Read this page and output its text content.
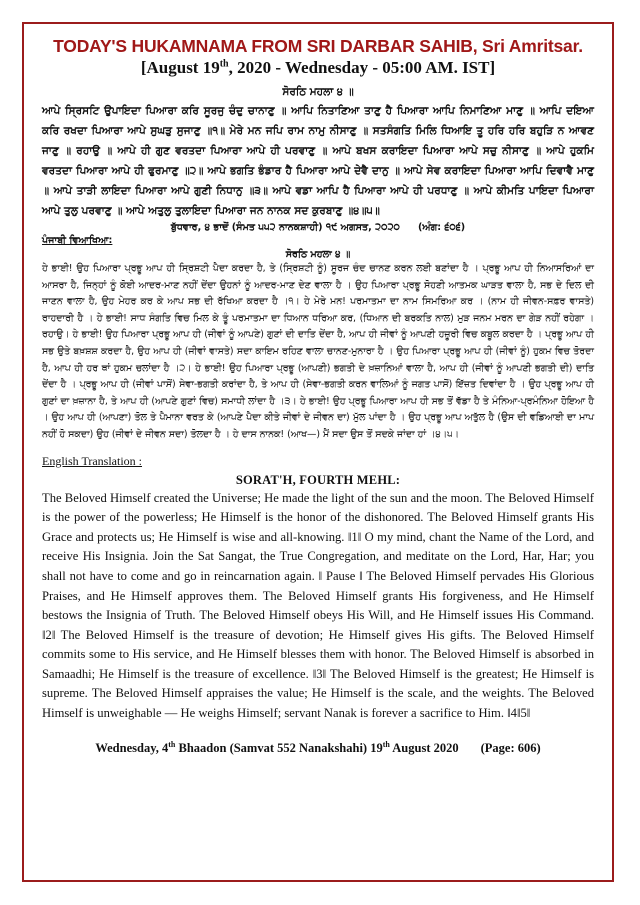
TODAY'S HUKAMNAMA FROM SRI DARBAR SAHIB, Sri Amritsar.
[August 19th, 2020 - Wednesday - 05:00 AM. IST]
ਸੋਰਠਿ ਮਹਲਾ ੪ ॥

ਆਪੇ ਸ੍ਰਿਸਟਿ ਉਪਾਇਦਾ ਪਿਆਰਾ ਕਰਿ ਸੂਰਜੁ ਚੰਦੁ ਚਾਨਾਣੁ ॥ ਆਪਿ ਨਿਤਾਣਿਆ ਤਾਣੁ ਹੈ ਪਿਆਰਾ ਆਪਿ ਨਿਮਾਣਿਆ ਮਾਣੁ ॥ ਆਪਿ ਦਇਆ ਕਰਿ ਰਖਦਾ ਪਿਆਰਾ ਆਪੇ ਸੁਘੜੁ ਸੁਜਾਣੁ ॥੧॥ ਮੇਰੇ ਮਨ ਜਪਿ ਰਾਮ ਨਾਮੁ ਨੀਸਾਣੁ ॥ ਸਤਸੰਗਤਿ ਮਿਲਿ ਧਿਆਇ ਤੂ ਹਰਿ ਹਰਿ ਬਹੁੜਿ ਨ ਆਵਣ ਜਾਣੁ ॥ ਰਹਾਉ ॥ ਆਪੇ ਹੀ ਗੁਣ ਵਰਤਦਾ ਪਿਆਰਾ ਆਪੇ ਹੀ ਪਰਵਾਣੁ ॥ ਆਪੇ ਬਖਸ ਕਰਾਇਦਾ ਪਿਆਰਾ ਆਪੇ ਸਚੁ ਨੀਸਾਣੁ ॥ ਆਪੇ ਹੁਕਮਿ ਵਰਤਦਾ ਪਿਆਰਾ ਆਪੇ ਹੀ ਫੁਰਮਾਣੁ ॥੨॥ ਆਪੇ ਭਗਤਿ ਭੰਡਾਰ ਹੈ ਪਿਆਰਾ ਆਪੇ ਦੇਵੈ ਦਾਨੁ ॥ ਆਪੇ ਸੇਵ ਕਰਾਇਦਾ ਪਿਆਰਾ ਆਪਿ ਦਿਵਾਵੈ ਮਾਣੁ ॥ ਆਪੇ ਤਾੜੀ ਲਾਇਦਾ ਪਿਆਰਾ ਆਪੇ ਗੁਣੀ ਨਿਧਾਨੁ ॥੩॥ ਆਪੇ ਵਡਾ ਆਪਿ ਹੈ ਪਿਆਰਾ ਆਪੇ ਹੀ ਪਰਧਾਣੁ ॥ ਆਪੇ ਕੀਮਤਿ ਪਾਇਦਾ ਪਿਆਰਾ ਆਪੇ ਤੁਲੁ ਪਰਵਾਣੁ ॥ ਆਪੇ ਅਤੁਲੁ ਤੁਲਾਇਦਾ ਪਿਆਰਾ ਜਨ ਨਾਨਕ ਸਦ ਕੁਰਬਾਣੁ ॥੪॥੫॥

ਬੁੱਧਵਾਰ, ੪ ਭਾਦੋਂ (ਸੰਮਤ ੫੫੨ ਨਾਨਕਸ਼ਾਹੀ) ੧੯ ਅਗਸਤ, ੨੦੨੦ (ਅੰਗ: ੬੦੬)
ਪੰਜਾਬੀ ਵਿਆਖਿਆ:
ਸੋਰਠਿ ਮਹਲਾ ੪ ॥

ਹੇ ਭਾਈ! ਉਹ ਪਿਆਰਾ ਪ੍ਰਭੂ ਆਪ ਹੀ ਸ੍ਰਿਸ਼ਟੀ ਪੈਦਾ ਕਰਦਾ ਹੈ, ਤੇ (ਸ੍ਰਿਸ਼ਟੀ ਨੂੰ) ਸੂਰਜ ਚੰਦ ਚਾਨਣ ਕਰਨ ਲਈ ਬਣਾਂਦਾ ਹੈ । ਪ੍ਰਭੂ ਆਪ ਹੀ ਨਿਆਸਰਿਆਂ ਦਾ ਆਸਰਾ ਹੈ, ਜਿਨ੍ਹਾਂ ਨੂੰ ਕੋਈ ਆਦਰ-ਮਾਣ ਨਹੀਂ ਦੇਂਦਾ ਉਹਨਾਂ ਨੂੰ ਆਦਰ-ਮਾਣ ਦੇਣ ਵਾਲਾ ਹੈ । ਉਹ ਪਿਆਰਾ ਪ੍ਰਭੂ ਸੋਹਣੀ ਆਤਮਕ ਘਾੜਤ ਵਾਲਾ ਹੈ, ਸਭ ਦੇ ਦਿਲ ਦੀ ਜਾਣਨ ਵਾਲਾ ਹੈ, ਉਹ ਮੇਹਰ ਕਰ ਕੇ ਆਪ ਸਭ ਦੀ ਰੱਖਿਆ ਕਰਦਾ ਹੈ ।੧। ਹੇ ਮੇਰੇ ਮਨ! ਪਰਮਾਤਮਾ ਦਾ ਨਾਮ ਸਿਮਰਿਆ ਕਰ । (ਨਾਮ ਹੀ ਜੀਵਨ-ਸਫ਼ਰ ਵਾਸਤੇ) ਰਾਹਦਾਰੀ ਹੈ । ਹੇ ਭਾਈ! ਸਾਧ ਸੰਗਤਿ ਵਿਚ ਮਿਲ ਕੇ ਤੂੰ ਪਰਮਾਤਮਾ ਦਾ ਧਿਆਨ ਧਰਿਆ ਕਰ, (ਧਿਆਨ ਦੀ ਬਰਕਤਿ ਨਾਲ) ਮੁੜ ਜਨਮ ਮਰਨ ਦਾ ਗੇੜ ਨਹੀਂ ਰਹੇਗਾ ।ਰਹਾਉ। ਹੇ ਭਾਈ! ਉਹ ਪਿਆਰਾ ਪ੍ਰਭੂ ਆਪ ਹੀ (ਜੀਵਾਂ ਨੂੰ ਆਪਣੇ) ਗੁਣਾਂ ਦੀ ਦਾਤਿ ਦੇਂਦਾ ਹੈ, ਆਪ ਹੀ ਜੀਵਾਂ ਨੂੰ ਆਪਣੀ ਹਜ਼ੂਰੀ ਵਿਚ ਕਬੂਲ ਕਰਦਾ ਹੈ । ਪ੍ਰਭੂ ਆਪ ਹੀ ਸਭ ਉਤੇ ਬਖ਼ਸ਼ਸ਼ ਕਰਦਾ ਹੈ, ਉਹ ਆਪ ਹੀ (ਜੀਵਾਂ ਵਾਸਤੇ) ਸਦਾ ਕਾਇਮ ਰਹਿਣ ਵਾਲਾ ਚਾਨਣ-ਮੁਨਾਰਾ ਹੈ । ਉਹ ਪਿਆਰਾ ਪ੍ਰਭੂ ਆਪ ਹੀ (ਜੀਵਾਂ ਨੂੰ) ਹੁਕਮ ਵਿਚ ਤੋਰਦਾ ਹੈ, ਆਪ ਹੀ ਹਰ ਥਾਂ ਹੁਕਮ ਚਲਾਂਦਾ ਹੈ ।੨। ਹੇ ਭਾਈ! ਉਹ ਪਿਆਰਾ ਪ੍ਰਭੂ (ਆਪਣੀ) ਭਗਤੀ ਦੇ ਖ਼ਜ਼ਾਨਿਆਂ ਵਾਲਾ ਹੈ, ਆਪ ਹੀ (ਜੀਵਾਂ ਨੂੰ ਆਪਣੀ ਭਗਤੀ ਦੀ) ਦਾਤਿ ਦੇਂਦਾ ਹੈ । ਪ੍ਰਭੂ ਆਪ ਹੀ (ਜੀਵਾਂ ਪਾਸੋਂ) ਸੇਵਾ-ਭਗਤੀ ਕਰਾਂਦਾ ਹੈ, ਤੇ ਆਪ ਹੀ (ਸੇਵਾ-ਭਗਤੀ ਕਰਨ ਵਾਲਿਆਂ ਨੂੰ ਜਗਤ ਪਾਸੋਂ) ਇੱਜ਼ਤ ਦਿਵਾਂਦਾ ਹੈ । ਉਹ ਪ੍ਰਭੂ ਆਪ ਹੀ ਗੁਣਾਂ ਦਾ ਖ਼ਜ਼ਾਨਾ ਹੈ, ਤੇ ਆਪ ਹੀ (ਆਪਣੇ ਗੁਣਾਂ ਵਿਚ) ਸਮਾਧੀ ਲਾਂਦਾ ਹੈ ।੩। ਹੇ ਭਾਈ! ਉਹ ਪ੍ਰਭੂ ਪਿਆਰਾ ਆਪ ਹੀ ਸਭ ਤੋਂ ਵੱਡਾ ਹੈ ਤੇ ਮੰਨਿਆ-ਪ੍ਰਮੰਨਿਆ ਹੋਇਆ ਹੈ । ਉਹ ਆਪ ਹੀ (ਆਪਣਾ) ਤੋਲ ਤੇ ਪੈਮਾਨਾ ਵਰਤ ਕੇ (ਆਪਣੇ ਪੈਦਾ ਕੀਤੇ ਜੀਵਾਂ ਦੇ ਜੀਵਨ ਦਾ) ਮੁੱਲ ਪਾਂਦਾ ਹੈ । ਉਹ ਪ੍ਰਭੂ ਆਪ ਅਤੁੱਲ ਹੈ (ਉਸ ਦੀ ਵਡਿਆਈ ਦਾ ਮਾਪ ਨਹੀਂ ਹੋ ਸਕਦਾ) ਉਹ (ਜੀਵਾਂ ਦੇ ਜੀਵਨ ਸਦਾ) ਤੋਲਦਾ ਹੈ । ਹੇ ਦਾਸ ਨਾਨਕ! (ਆਖ—) ਮੈਂ ਸਦਾ ਉਸ ਤੋਂ ਸਦਕੇ ਜਾਂਦਾ ਹਾਂ ।੪।੫।

English Translation :
SORAT'H, FOURTH MEHL:

The Beloved Himself created the Universe; He made the light of the sun and the moon. The Beloved Himself is the power of the powerless; He Himself is the honor of the dishonored. The Beloved Himself grants His Grace and protects us; He Himself is wise and all-knowing. ‖1‖ O my mind, chant the Name of the Lord, and receive His Insignia. Join the Sat Sangat, the True Congregation, and meditate on the Lord, Har, Har; you shall not have to come and go in reincarnation again. ‖ Pause ‖ The Beloved Himself pervades His Glorious Praises, and He Himself approves them. The Beloved Himself grants His forgiveness, and He Himself bestows the Insignia of Truth. The Beloved Himself obeys His Will, and He Himself issues His Command. ‖2‖ The Beloved Himself is the treasure of devotion; He Himself gives His gifts. The Beloved Himself commits some to His service, and He Himself blesses them with honor. The Beloved Himself is absorbed in Samaadhi; He Himself is the treasure of excellence. ‖3‖ The Beloved Himself is the greatest; He Himself is supreme. The Beloved Himself appraises the value; He Himself is the scale, and the weights. The Beloved Himself is unweighable — He weighs Himself; servant Nanak is forever a sacrifice to Him. ‖4‖5‖

Wednesday, 4th Bhaadon (Samvat 552 Nanakshahi) 19th August 2020 (Page: 606)
